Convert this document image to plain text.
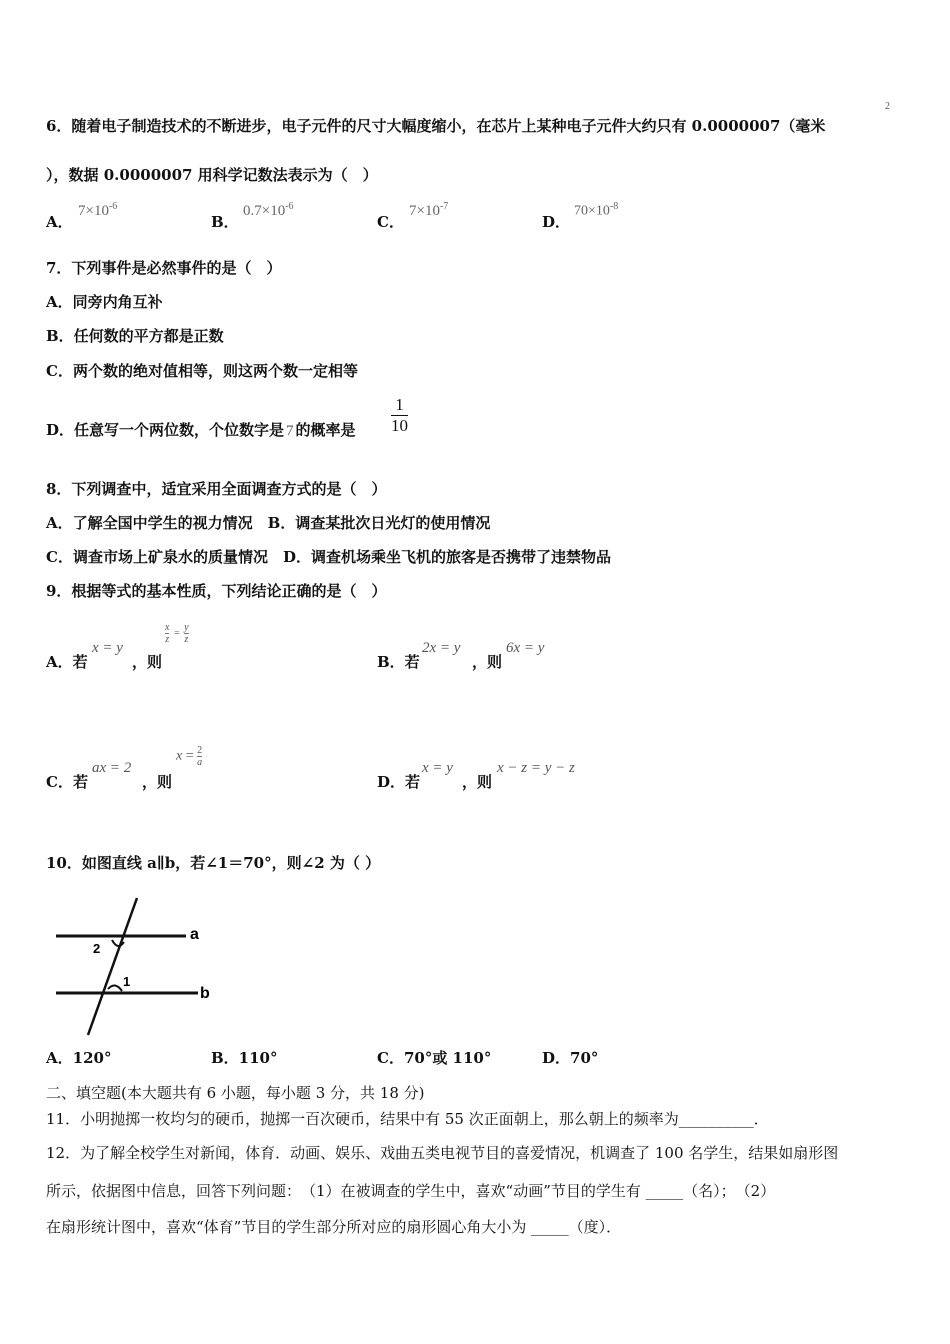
2
6．随着电子制造技术的不断进步，电子元件的尺寸大幅度缩小，在芯片上某种电子元件大约只有 0.0000007（毫米
），数据 0.0000007 用科学记数法表示为（　）
A．
$7\times 10^{-6}$
B．
$0.7\times 10^{-6}$
C．
$7\times 10^{-7}$
D．
$70\times 10^{-8}$
7．下列事件是必然事件的是（　）
A．同旁内角互补
B．任何数的平方都是正数
C．两个数的绝对值相等，则这两个数一定相等
D．任意写一个两位数，个位数字是 7 的概率是 $\frac{1}{10}$
8．下列调查中，适宜采用全面调查方式的是（　）
A．了解全国中学生的视力情况　B．调查某批次日光灯的使用情况
C．调查市场上矿泉水的质量情况　D．调查机场乘坐飞机的旅客是否携带了违禁物品
9．根据等式的基本性质，下列结论正确的是（　）
A．若
x = y
，则
$\frac{x}{z} = \frac{y}{z}$
B．若
2x = y
，则
6x = y
C．若
ax = 2
，则
$x = \frac{2}{a}$
D．若
x = y
，则
x − z = y − z
10．如图直线 a∥b，若∠1＝70°，则∠2 为（ ）
2
1
a
b
A．120°	B．110°	C．70°或 110°	D．70°
二、填空题(本大题共有 6 小题，每小题 3 分，共 18 分)
11．小明抛掷一枚均匀的硬币，抛掷一百次硬币，结果中有 55 次正面朝上，那么朝上的频率为__________．
12．为了解全校学生对新闻，体育．动画、娱乐、戏曲五类电视节目的喜爱情况，机调查了 100 名学生，结果如扇形图
所示，依据图中信息，回答下列问题：　（1）在被调查的学生中，喜欢“动画”节目的学生有 _____（名）；　（2）
在扇形统计图中，喜欢“体育”节目的学生部分所对应的扇形圆心角大小为 _____（度）．
